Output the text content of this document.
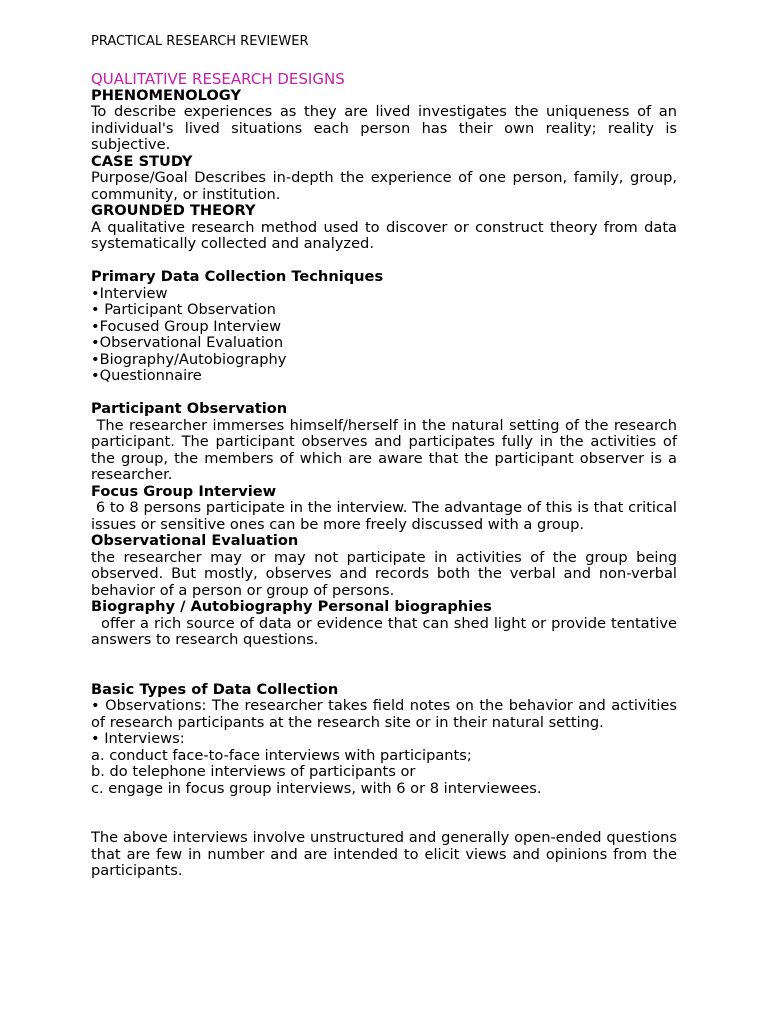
PRACTICAL RESEARCH REVIEWER

QUALITATIVE RESEARCH DESIGNS

PHENOMENOLOGY

To describe experiences as they are lived investigates the uniqueness of an individual's lived situations each person has their own reality; reality is subjective.

CASE STUDY

Purpose/Goal Describes in-depth the experience of one person, family, group, community, or institution.

GROUNDED THEORY

A qualitative research method used to discover or construct theory from data systematically collected and analyzed.

Primary Data Collection Techniques

•Interview

• Participant Observation

•Focused Group Interview

•Observational Evaluation

•Biography/Autobiography

•Questionnaire

Participant Observation

The researcher immerses himself/herself in the natural setting of the research participant. The participant observes and participates fully in the activities of the group, the members of which are aware that the participant observer is a researcher.

Focus Group Interview

6 to 8 persons participate in the interview. The advantage of this is that critical issues or sensitive ones can be more freely discussed with a group.

Observational Evaluation

the researcher may or may not participate in activities of the group being observed. But mostly, observes and records both the verbal and non-verbal behavior of a person or group of persons.

Biography / Autobiography Personal biographies

offer a rich source of data or evidence that can shed light or provide tentative answers to research questions.

Basic Types of Data Collection

• Observations: The researcher takes field notes on the behavior and activities of research participants at the research site or in their natural setting.

• Interviews:

a. conduct face-to-face interviews with participants;

b. do telephone interviews of participants or

c. engage in focus group interviews, with 6 or 8 interviewees.

The above interviews involve unstructured and generally open-ended questions that are few in number and are intended to elicit views and opinions from the participants.
